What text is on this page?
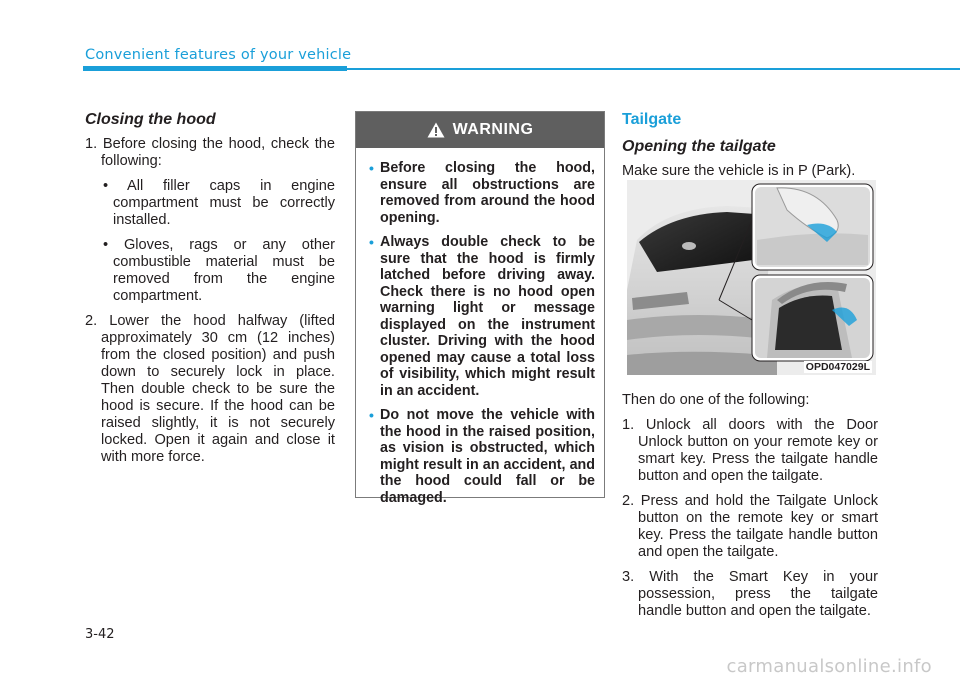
Convenient features of your vehicle
Closing the hood
1. Before closing the hood, check the following:
• All filler caps in engine compartment must be correctly installed.
• Gloves, rags or any other combustible material must be removed from the engine compartment.
2. Lower the hood halfway (lifted approximately 30 cm (12 inches) from the closed position) and push down to securely lock in place. Then double check to be sure the hood is secure. If the hood can be raised slightly, it is not securely locked. Open it again and close it with more force.
WARNING
• Before closing the hood, ensure all obstructions are removed from around the hood opening.
• Always double check to be sure that the hood is firmly latched before driving away. Check there is no hood open warning light or message displayed on the instrument cluster. Driving with the hood opened may cause a total loss of visibility, which might result in an accident.
• Do not move the vehicle with the hood in the raised position, as vision is obstructed, which might result in an accident, and the hood could fall or be damaged.
Tailgate
Opening the tailgate
Make sure the vehicle is in P (Park).
OPD047029L
Then do one of the following:
1. Unlock all doors with the Door Unlock button on your remote key or smart key. Press the tailgate handle button and open the tailgate.
2. Press and hold the Tailgate Unlock button on the remote key or smart key. Press the tailgate handle button and open the tailgate.
3. With the Smart Key in your possession, press the tailgate handle button and open the tailgate.
3-42
carmanualsonline.info
